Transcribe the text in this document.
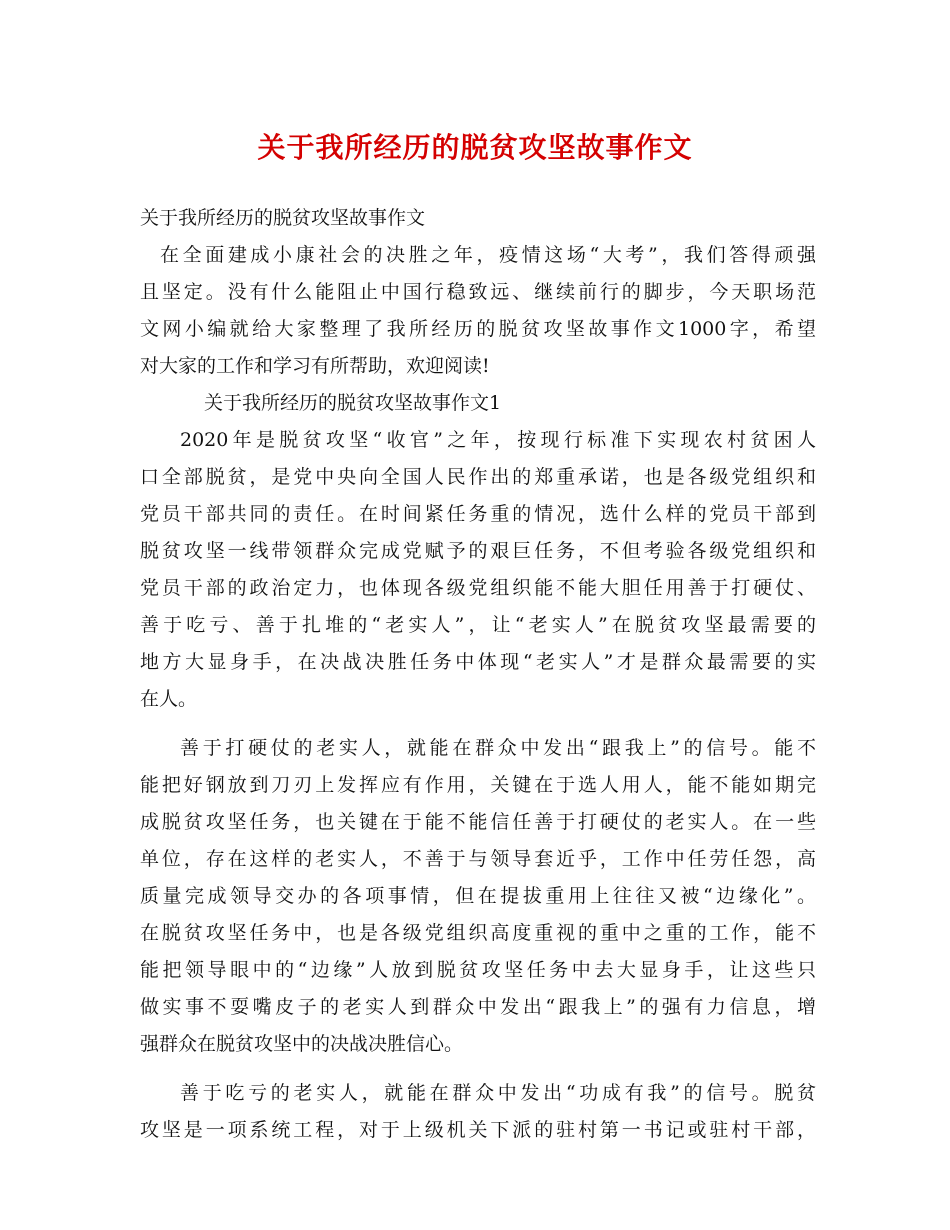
关于我所经历的脱贫攻坚故事作文
关于我所经历的脱贫攻坚故事作文
在全面建成小康社会的决胜之年，疫情这场“大考”，我们答得顽强
且坚定。没有什么能阻止中国行稳致远、继续前行的脚步，今天职场范
文网小编就给大家整理了我所经历的脱贫攻坚故事作文1000字，希望
对大家的工作和学习有所帮助，欢迎阅读!
关于我所经历的脱贫攻坚故事作文1
2020年是脱贫攻坚“收官”之年，按现行标准下实现农村贫困人
口全部脱贫，是党中央向全国人民作出的郑重承诺，也是各级党组织和
党员干部共同的责任。在时间紧任务重的情况，选什么样的党员干部到
脱贫攻坚一线带领群众完成党赋予的艰巨任务，不但考验各级党组织和
党员干部的政治定力，也体现各级党组织能不能大胆任用善于打硬仗、
善于吃亏、善于扎堆的“老实人”，让“老实人”在脱贫攻坚最需要的
地方大显身手，在决战决胜任务中体现“老实人”才是群众最需要的实
在人。
善于打硬仗的老实人，就能在群众中发出“跟我上”的信号。能不
能把好钢放到刀刃上发挥应有作用，关键在于选人用人，能不能如期完
成脱贫攻坚任务，也关键在于能不能信任善于打硬仗的老实人。在一些
单位，存在这样的老实人，不善于与领导套近乎，工作中任劳任怨，高
质量完成领导交办的各项事情，但在提拔重用上往往又被“边缘化”。
在脱贫攻坚任务中，也是各级党组织高度重视的重中之重的工作，能不
能把领导眼中的“边缘”人放到脱贫攻坚任务中去大显身手，让这些只
做实事不耍嘴皮子的老实人到群众中发出“跟我上”的强有力信息，增
强群众在脱贫攻坚中的决战决胜信心。
善于吃亏的老实人，就能在群众中发出“功成有我”的信号。脱贫
攻坚是一项系统工程，对于上级机关下派的驻村第一书记或驻村干部，
